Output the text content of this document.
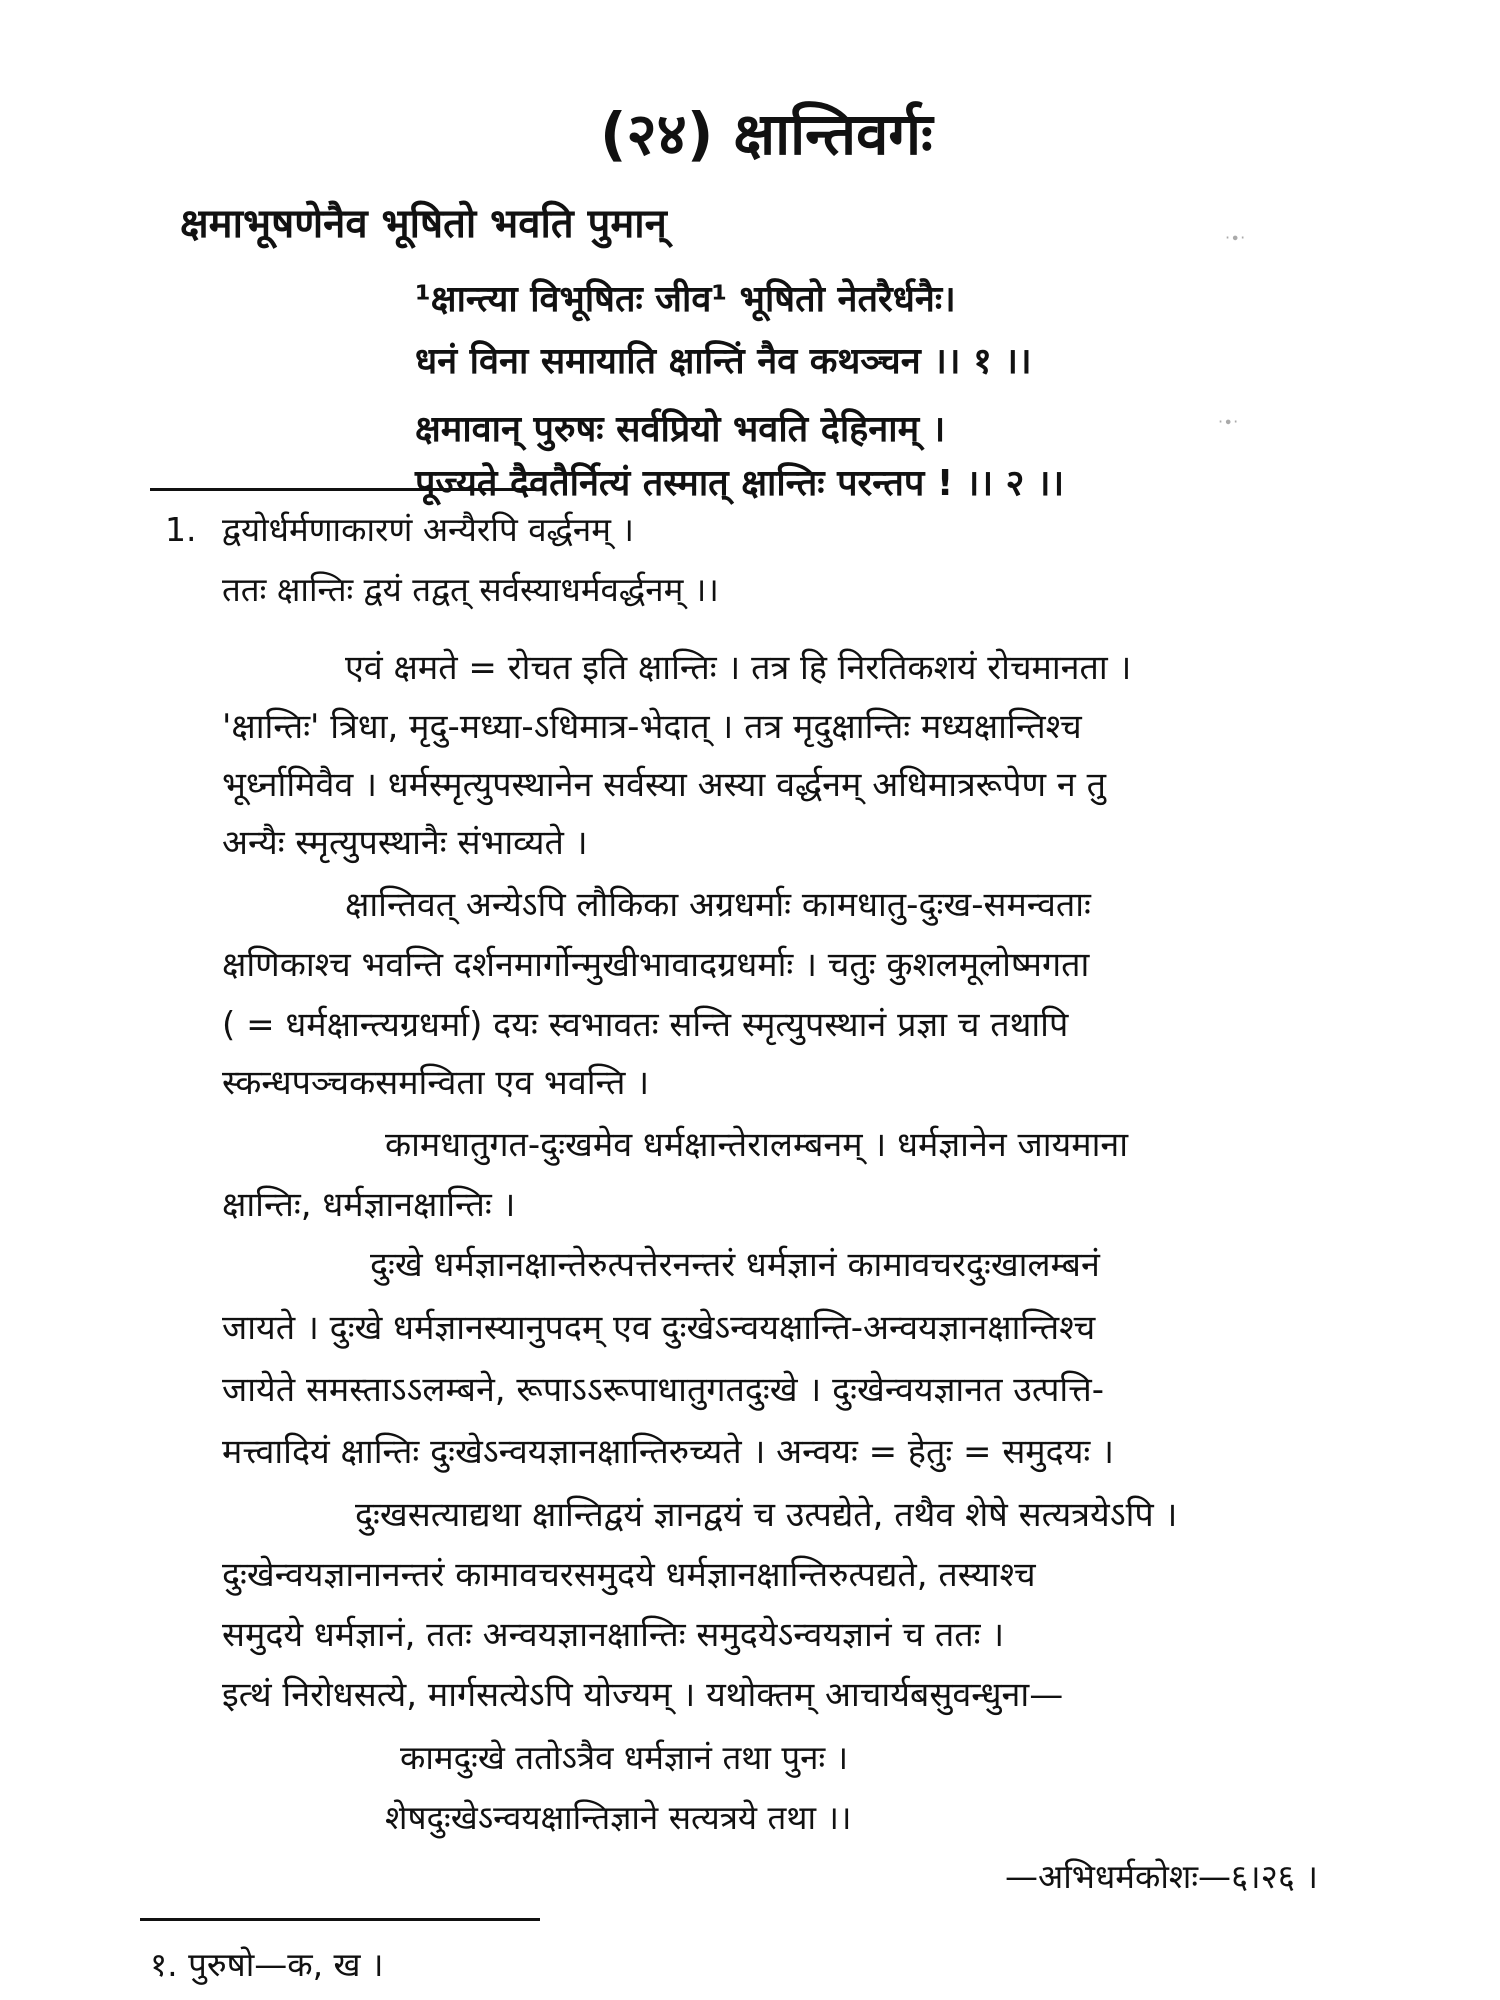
(२४) क्षान्तिवर्गः
क्षमाभूषणेनैव भूषितो भवति पुमान्
¹क्षान्त्या विभूषितः जीव¹ भूषितो नेतरैर्धनैः।
धनं विना समायाति क्षान्तिं नैव कथञ्चन ।। १ ।।
क्षमावान् पुरुषः सर्वप्रियो भवति देहिनाम् ।
पूज्यते दैवतैर्नित्यं तस्मात् क्षान्तिः परन्तप ! ।। २ ।।
·∙·
·∙·
1. द्वयोर्धर्मणाकारणं अन्यैरपि वर्द्धनम् ।
ततः क्षान्तिः द्वयं तद्वत् सर्वस्याधर्मवर्द्धनम् ।।
एवं क्षमते = रोचत इति क्षान्तिः । तत्र हि निरतिकशयं रोचमानता ।
'क्षान्तिः' त्रिधा, मृदु-मध्या-ऽधिमात्र-भेदात् । तत्र मृदुक्षान्तिः मध्यक्षान्तिश्च
भूर्ध्नामिवैव । धर्मस्मृत्युपस्थानेन सर्वस्या अस्या वर्द्धनम् अधिमात्ररूपेण न तु
अन्यैः स्मृत्युपस्थानैः संभाव्यते ।
क्षान्तिवत् अन्येऽपि लौकिका अग्रधर्माः कामधातु-दुःख-समन्वताः
क्षणिकाश्च भवन्ति दर्शनमार्गोन्मुखीभावादग्रधर्माः । चतुः कुशलमूलोष्मगता
( = धर्मक्षान्त्यग्रधर्मा) दयः स्वभावतः सन्ति स्मृत्युपस्थानं प्रज्ञा च तथापि
स्कन्धपञ्चकसमन्विता एव भवन्ति ।
कामधातुगत-दुःखमेव धर्मक्षान्तेरालम्बनम् । धर्मज्ञानेन जायमाना
क्षान्तिः, धर्मज्ञानक्षान्तिः ।
दुःखे धर्मज्ञानक्षान्तेरुत्पत्तेरनन्तरं धर्मज्ञानं कामावचरदुःखालम्बनं
जायते । दुःखे धर्मज्ञानस्यानुपदम् एव दुःखेऽन्वयक्षान्ति-अन्वयज्ञानक्षान्तिश्च
जायेते समस्ताऽऽलम्बने, रूपाऽऽरूपाधातुगतदुःखे । दुःखेन्वयज्ञानत उत्पत्ति-
मत्त्वादियं क्षान्तिः दुःखेऽन्वयज्ञानक्षान्तिरुच्यते । अन्वयः = हेतुः = समुदयः ।
दुःखसत्याद्यथा क्षान्तिद्वयं ज्ञानद्वयं च उत्पद्येते, तथैव शेषे सत्यत्रयेऽपि ।
दुःखेन्वयज्ञानानन्तरं कामावचरसमुदये धर्मज्ञानक्षान्तिरुत्पद्यते, तस्याश्च
समुदये धर्मज्ञानं, ततः अन्वयज्ञानक्षान्तिः समुदयेऽन्वयज्ञानं च ततः ।
इत्थं निरोधसत्ये, मार्गसत्येऽपि योज्यम् । यथोक्तम् आचार्यबसुवन्धुना—
कामदुःखे ततोऽत्रैव धर्मज्ञानं तथा पुनः ।
शेषदुःखेऽन्वयक्षान्तिज्ञाने सत्यत्रये तथा ।।
—अभिधर्मकोशः—६।२६ ।
१. पुरुषो—क, ख ।
